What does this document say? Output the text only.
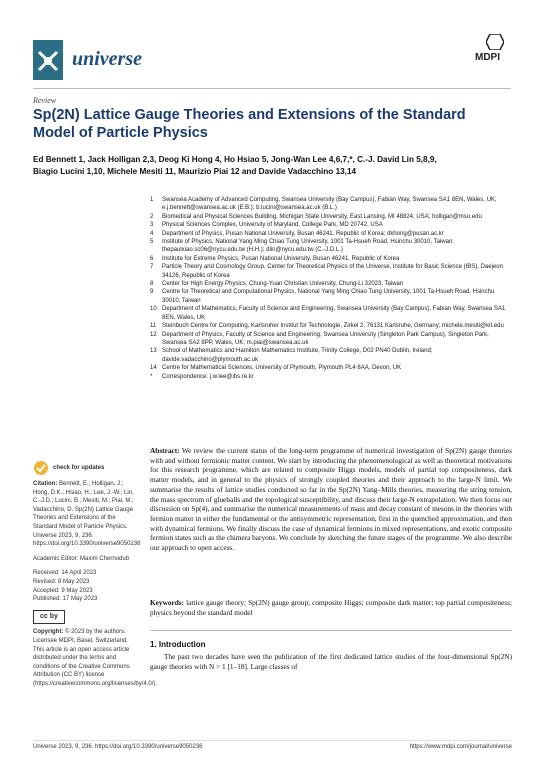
universe	MDPI
Review
Sp(2N) Lattice Gauge Theories and Extensions of the Standard
Model of Particle Physics
Ed Bennett 1, Jack Holligan 2,3, Deog Ki Hong 4, Ho Hsiao 5, Jong-Wan Lee 4,6,7,*, C.-J. David Lin 5,8,9,
Biagio Lucini 1,10, Michele Mesiti 11, Maurizio Piai 12 and Davide Vadacchino 13,14
1 Swansea Academy of Advanced Computing, Swansea University (Bay Campus), Fabian Way, Swansea SA1 8EN, Wales, UK; e.j.bennett@swansea.ac.uk (E.B.); b.lucini@swansea.ac.uk (B.L.)
2 Biomedical and Physical Sciences Building, Michigan State University, East Lansing, MI 48824, USA; holligan@msu.edu
3 Physical Sciences Complex, University of Maryland, College Park, MD 20742, USA
4 Department of Physics, Pusan National University, Busan 46241, Republic of Korea; dkhong@pusan.ac.kr
5 Institute of Physics, National Yang Ming Chiao Tung University, 1001 Ta-Hsueh Road, Hsinchu 30010, Taiwan; thepaulxiao.sc06@nycu.edu.tw (H.H.); dlin@nycu.edu.tw (C.-J.D.L.)
6 Institute for Extreme Physics, Pusan National University, Busan 46241, Republic of Korea
7 Particle Theory and Cosmology Group, Center for Theoretical Physics of the Universe, Institute for Basic Science (IBS), Daejeon 34126, Republic of Korea
8 Center for High Energy Physics, Chung-Yuan Christian University, Chung-Li 32023, Taiwan
9 Centre for Theoretical and Computational Physics, National Yang Ming Chiao Tung University, 1001 Ta-Hsueh Road, Hsinchu 30010, Taiwan
10 Department of Mathematics, Faculty of Science and Engineering, Swansea University (Bay Campus), Fabian Way, Swansea SA1 8EN, Wales, UK
11 Steinbuch Centre for Computing, Karlsruher Institut für Technologie, Zirkel 2, 76131 Karlsruhe, Germany; michele.mesiti@kit.edu
12 Department of Physics, Faculty of Science and Engineering, Swansea University (Singleton Park Campus), Singleton Park, Swansea SA2 8PP, Wales, UK; m.piai@swansea.ac.uk
13 School of Mathematics and Hamilton Mathematics Institute, Trinity College, D02 PN40 Dublin, Ireland; davide.vadacchino@plymouth.ac.uk
14 Centre for Mathematical Sciences, University of Plymouth, Plymouth PL4 8AA, Devon, UK
* Correspondence: j.w.lee@ibs.re.kr
check for updates
Citation: Bennett, E.; Holligan, J.; Hong, D.K.; Hsiao, H.; Lee, J.-W.; Lin, C.-J.D.; Lucini, B.; Mesiti, M.; Piai, M.; Vadacchino, D. Sp(2N) Lattice Gauge Theories and Extensions of the Standard Model of Particle Physics. Universe 2023, 9, 236. https://doi.org/10.3390/universe9050236
Academic Editor: Maxim Chernodub
Received: 14 April 2023
Revised: 8 May 2023
Accepted: 9 May 2023
Published: 17 May 2023
cc by
Copyright: © 2023 by the authors. Licensee MDPI, Basel, Switzerland. This article is an open access article distributed under the terms and conditions of the Creative Commons Attribution (CC BY) license (https://creativecommons.org/licenses/by/4.0/).
Abstract: We review the current status of the long-term programme of numerical investigation of Sp(2N) gauge theories with and without fermionic matter content. We start by introducing the phenomenological as well as theoretical motivations for this research programme, which are related to composite Higgs models, models of partial top compositeness, dark matter models, and in general to the physics of strongly coupled theories and their approach to the large-N limit. We summarise the results of lattice studies conducted so far in the Sp(2N) Yang–Mills theories, measuring the string tension, the mass spectrum of glueballs and the topological susceptibility, and discuss their large-N extrapolation. We then focus our discussion on Sp(4), and summarise the numerical measurements of mass and decay constant of mesons in the theories with fermion matter in either the fundamental or the antisymmetric representation, first in the quenched approximation, and then with dynamical fermions. We finally discuss the case of dynamical fermions in mixed representations, and exotic composite fermion states such as the chimera baryons. We conclude by sketching the future stages of the programme. We also describe our approach to open access.
Keywords: lattice gauge theory; Sp(2N) gauge group; composite Higgs; composite dark matter; top partial compositeness; physics beyond the standard model
1. Introduction
The past two decades have seen the publication of the first dedicated lattice studies of the four-dimensional Sp(2N) gauge theories with N > 1 [1–18]. Large classes of
Universe 2023, 9, 236. https://doi.org/10.3390/universe9050236	https://www.mdpi.com/journal/universe
